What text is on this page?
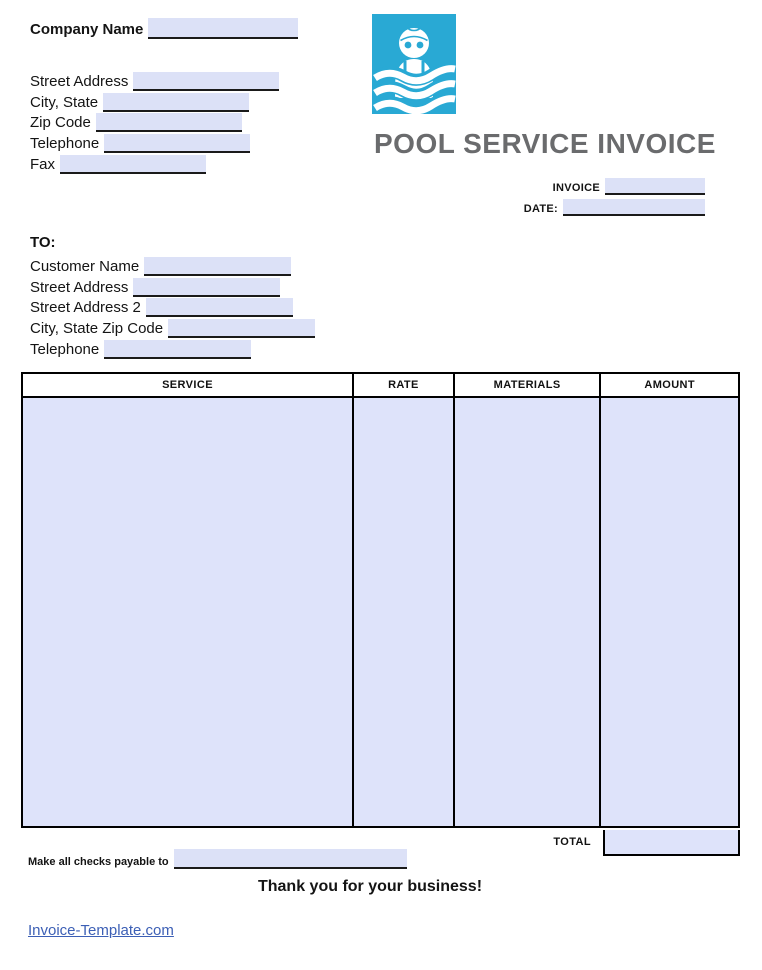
Company Name
Street Address
City, State
Zip Code
Telephone
Fax
POOL SERVICE INVOICE
INVOICE
DATE:
TO:
Customer Name
Street Address
Street Address 2
City, State Zip Code
Telephone
SERVICE	RATE	MATERIALS	AMOUNT
TOTAL
Make all checks payable to
Thank you for your business!
Invoice-Template.com
